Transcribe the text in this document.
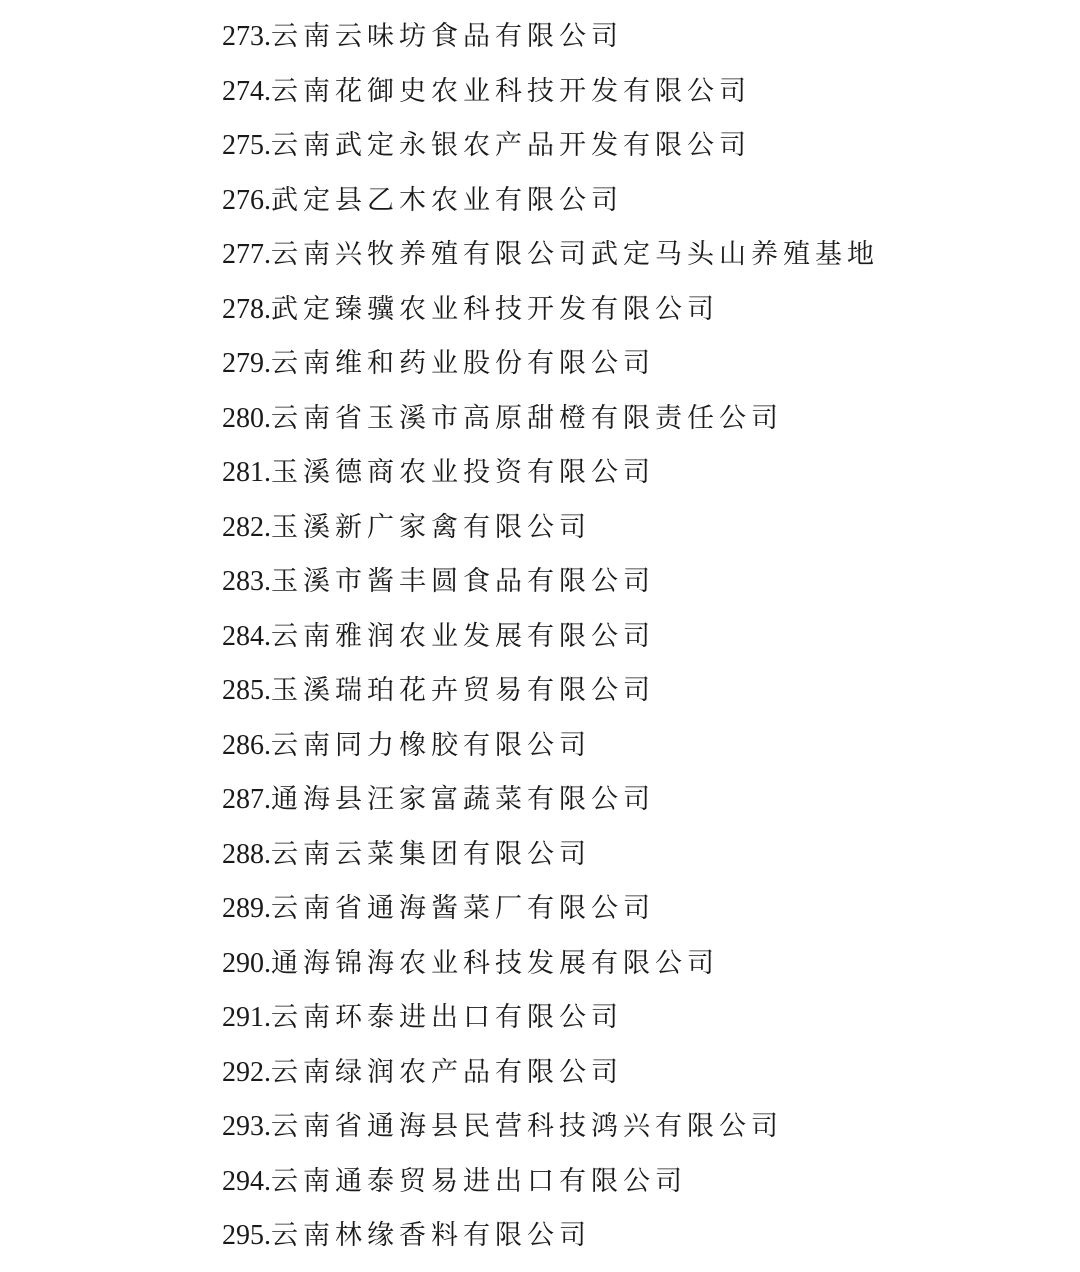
273.云南云味坊食品有限公司
274.云南花御史农业科技开发有限公司
275.云南武定永银农产品开发有限公司
276.武定县乙木农业有限公司
277.云南兴牧养殖有限公司武定马头山养殖基地
278.武定臻骥农业科技开发有限公司
279.云南维和药业股份有限公司
280.云南省玉溪市高原甜橙有限责任公司
281.玉溪德商农业投资有限公司
282.玉溪新广家禽有限公司
283.玉溪市酱丰圆食品有限公司
284.云南雅润农业发展有限公司
285.玉溪瑞珀花卉贸易有限公司
286.云南同力橡胶有限公司
287.通海县汪家富蔬菜有限公司
288.云南云菜集团有限公司
289.云南省通海酱菜厂有限公司
290.通海锦海农业科技发展有限公司
291.云南环泰进出口有限公司
292.云南绿润农产品有限公司
293.云南省通海县民营科技鸿兴有限公司
294.云南通泰贸易进出口有限公司
295.云南林缘香料有限公司
